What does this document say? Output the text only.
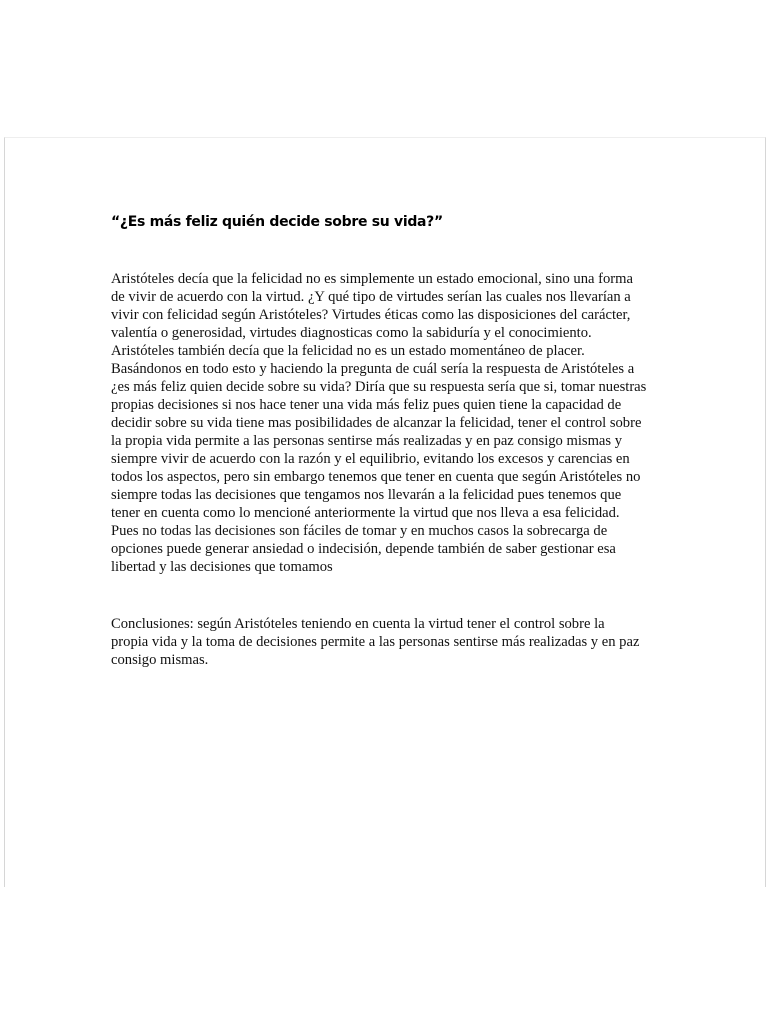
“¿Es más feliz quién decide sobre su vida?”

Aristóteles decía que la felicidad no es simplemente un estado emocional, sino una forma
de vivir de acuerdo con la virtud. ¿Y qué tipo de virtudes serían las cuales nos llevarían a
vivir con felicidad según Aristóteles? Virtudes éticas como las disposiciones del carácter,
valentía o generosidad, virtudes diagnosticas como la sabiduría y el conocimiento.
Aristóteles también decía que la felicidad no es un estado momentáneo de placer.
Basándonos en todo esto y haciendo la pregunta de cuál sería la respuesta de Aristóteles a
¿es más feliz quien decide sobre su vida? Diría que su respuesta sería que si, tomar nuestras
propias decisiones si nos hace tener una vida más feliz pues quien tiene la capacidad de
decidir sobre su vida tiene mas posibilidades de alcanzar la felicidad, tener el control sobre
la propia vida permite a las personas sentirse más realizadas y en paz consigo mismas y
siempre vivir de acuerdo con la razón y el equilibrio, evitando los excesos y carencias en
todos los aspectos, pero sin embargo tenemos que tener en cuenta que según Aristóteles no
siempre todas las decisiones que tengamos nos llevarán a la felicidad pues tenemos que
tener en cuenta como lo mencioné anteriormente la virtud que nos lleva a esa felicidad.
Pues no todas las decisiones son fáciles de tomar y en muchos casos la sobrecarga de
opciones puede generar ansiedad o indecisión, depende también de saber gestionar esa
libertad y las decisiones que tomamos

Conclusiones: según Aristóteles teniendo en cuenta la virtud tener el control sobre la
propia vida y la toma de decisiones permite a las personas sentirse más realizadas y en paz
consigo mismas.
